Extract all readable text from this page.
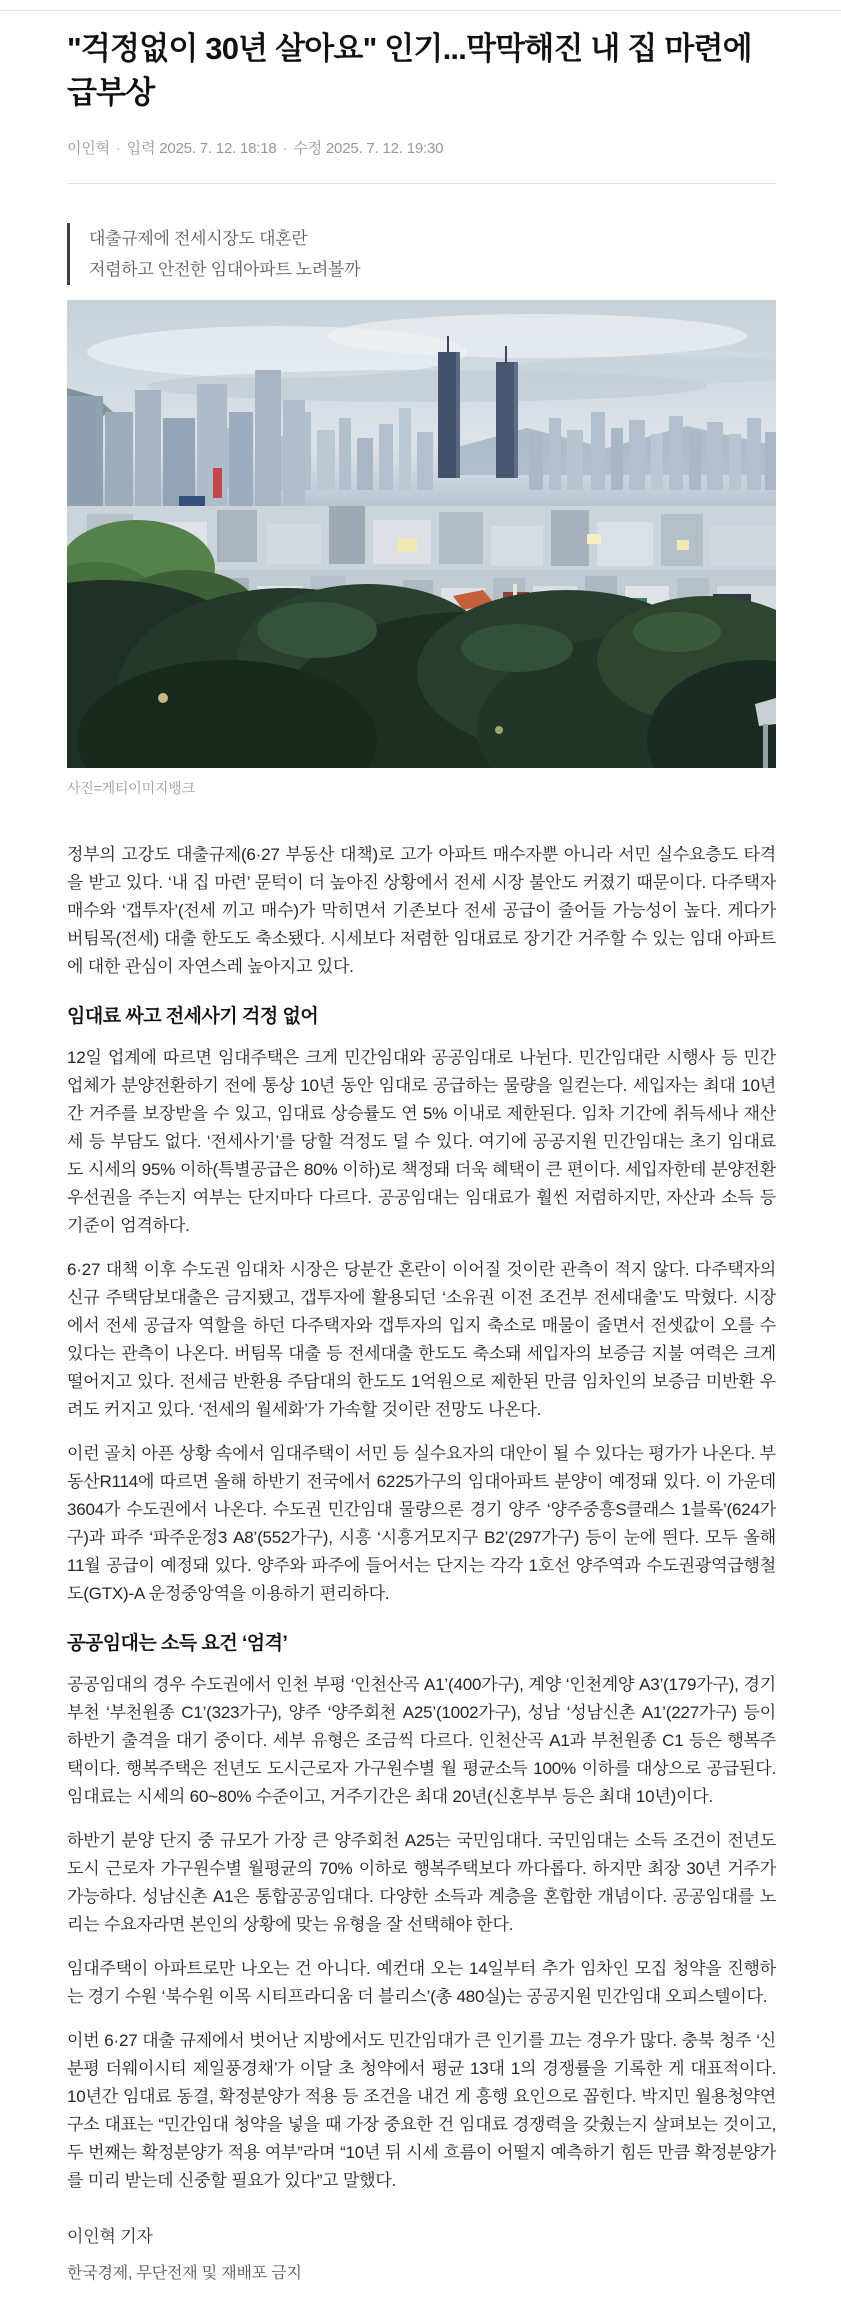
"걱정없이 30년 살아요" 인기...막막해진 내 집 마련에 급부상
이인혁 · 입력 2025. 7. 12. 18:18 · 수정 2025. 7. 12. 19:30
대출규제에 전세시장도 대혼란
저렴하고 안전한 임대아파트 노려볼까
사진=게티이미지뱅크

정부의 고강도 대출규제(6·27 부동산 대책)로 고가 아파트 매수자뿐 아니라 서민 실수요층도 타격을 받고 있다. ‘내 집 마련’ 문턱이 더 높아진 상황에서 전세 시장 불안도 커졌기 때문이다. 다주택자 매수와 ‘갭투자’(전세 끼고 매수)가 막히면서 기존보다 전세 공급이 줄어들 가능성이 높다. 게다가 버팀목(전세) 대출 한도도 축소됐다. 시세보다 저렴한 임대료로 장기간 거주할 수 있는 임대 아파트에 대한 관심이 자연스레 높아지고 있다.

임대료 싸고 전세사기 걱정 없어

12일 업계에 따르면 임대주택은 크게 민간임대와 공공임대로 나뉜다. 민간임대란 시행사 등 민간 업체가 분양전환하기 전에 통상 10년 동안 임대로 공급하는 물량을 일컫는다. 세입자는 최대 10년간 거주를 보장받을 수 있고, 임대료 상승률도 연 5% 이내로 제한된다. 임차 기간에 취득세나 재산세 등 부담도 없다. ‘전세사기’를 당할 걱정도 덜 수 있다. 여기에 공공지원 민간임대는 초기 임대료도 시세의 95% 이하(특별공급은 80% 이하)로 책정돼 더욱 혜택이 큰 편이다. 세입자한테 분양전환 우선권을 주는지 여부는 단지마다 다르다. 공공임대는 임대료가 훨씬 저렴하지만, 자산과 소득 등 기준이 엄격하다.

6·27 대책 이후 수도권 임대차 시장은 당분간 혼란이 이어질 것이란 관측이 적지 않다. 다주택자의 신규 주택담보대출은 금지됐고, 갭투자에 활용되던 ‘소유권 이전 조건부 전세대출’도 막혔다. 시장에서 전세 공급자 역할을 하던 다주택자와 갭투자의 입지 축소로 매물이 줄면서 전셋값이 오를 수 있다는 관측이 나온다. 버팀목 대출 등 전세대출 한도도 축소돼 세입자의 보증금 지불 여력은 크게 떨어지고 있다. 전세금 반환용 주담대의 한도도 1억원으로 제한된 만큼 임차인의 보증금 미반환 우려도 커지고 있다. ‘전세의 월세화’가 가속할 것이란 전망도 나온다.

이런 골치 아픈 상황 속에서 임대주택이 서민 등 실수요자의 대안이 될 수 있다는 평가가 나온다. 부동산R114에 따르면 올해 하반기 전국에서 6225가구의 임대아파트 분양이 예정돼 있다. 이 가운데 3604가 수도권에서 나온다. 수도권 민간임대 물량으론 경기 양주 ‘양주중흥S클래스 1블록’(624가구)과 파주 ‘파주운정3 A8’(552가구), 시흥 ‘시흥거모지구 B2’(297가구) 등이 눈에 띈다. 모두 올해 11월 공급이 예정돼 있다. 양주와 파주에 들어서는 단지는 각각 1호선 양주역과 수도권광역급행철도(GTX)-A 운정중앙역을 이용하기 편리하다.

공공임대는 소득 요건 ‘엄격’

공공임대의 경우 수도권에서 인천 부평 ‘인천산곡 A1’(400가구), 계양 ‘인천계양 A3’(179가구), 경기 부천 ‘부천원종 C1’(323가구), 양주 ‘양주회천 A25’(1002가구), 성남 ‘성남신촌 A1’(227가구) 등이 하반기 출격을 대기 중이다. 세부 유형은 조금씩 다르다. 인천산곡 A1과 부천원종 C1 등은 행복주택이다. 행복주택은 전년도 도시근로자 가구원수별 월 평균소득 100% 이하를 대상으로 공급된다. 임대료는 시세의 60~80% 수준이고, 거주기간은 최대 20년(신혼부부 등은 최대 10년)이다.

하반기 분양 단지 중 규모가 가장 큰 양주회천 A25는 국민임대다. 국민임대는 소득 조건이 전년도 도시 근로자 가구원수별 월평균의 70% 이하로 행복주택보다 까다롭다. 하지만 최장 30년 거주가 가능하다. 성남신촌 A1은 통합공공임대다. 다양한 소득과 계층을 혼합한 개념이다. 공공임대를 노리는 수요자라면 본인의 상황에 맞는 유형을 잘 선택해야 한다.

임대주택이 아파트로만 나오는 건 아니다. 예컨대 오는 14일부터 추가 임차인 모집 청약을 진행하는 경기 수원 ‘북수원 이목 시티프라디움 더 블리스’(총 480실)는 공공지원 민간임대 오피스텔이다.

이번 6·27 대출 규제에서 벗어난 지방에서도 민간임대가 큰 인기를 끄는 경우가 많다. 충북 청주 ‘신분평 더웨이시티 제일풍경채’가 이달 초 청약에서 평균 13대 1의 경쟁률을 기록한 게 대표적이다. 10년간 임대료 동결, 확정분양가 적용 등 조건을 내건 게 흥행 요인으로 꼽힌다. 박지민 월용청약연구소 대표는 “민간임대 청약을 넣을 때 가장 중요한 건 임대료 경쟁력을 갖췄는지 살펴보는 것이고, 두 번째는 확정분양가 적용 여부”라며 “10년 뒤 시세 흐름이 어떨지 예측하기 힘든 만큼 확정분양가를 미리 받는데 신중할 필요가 있다”고 말했다.

이인혁 기자
한국경제, 무단전재 및 재배포 금지
